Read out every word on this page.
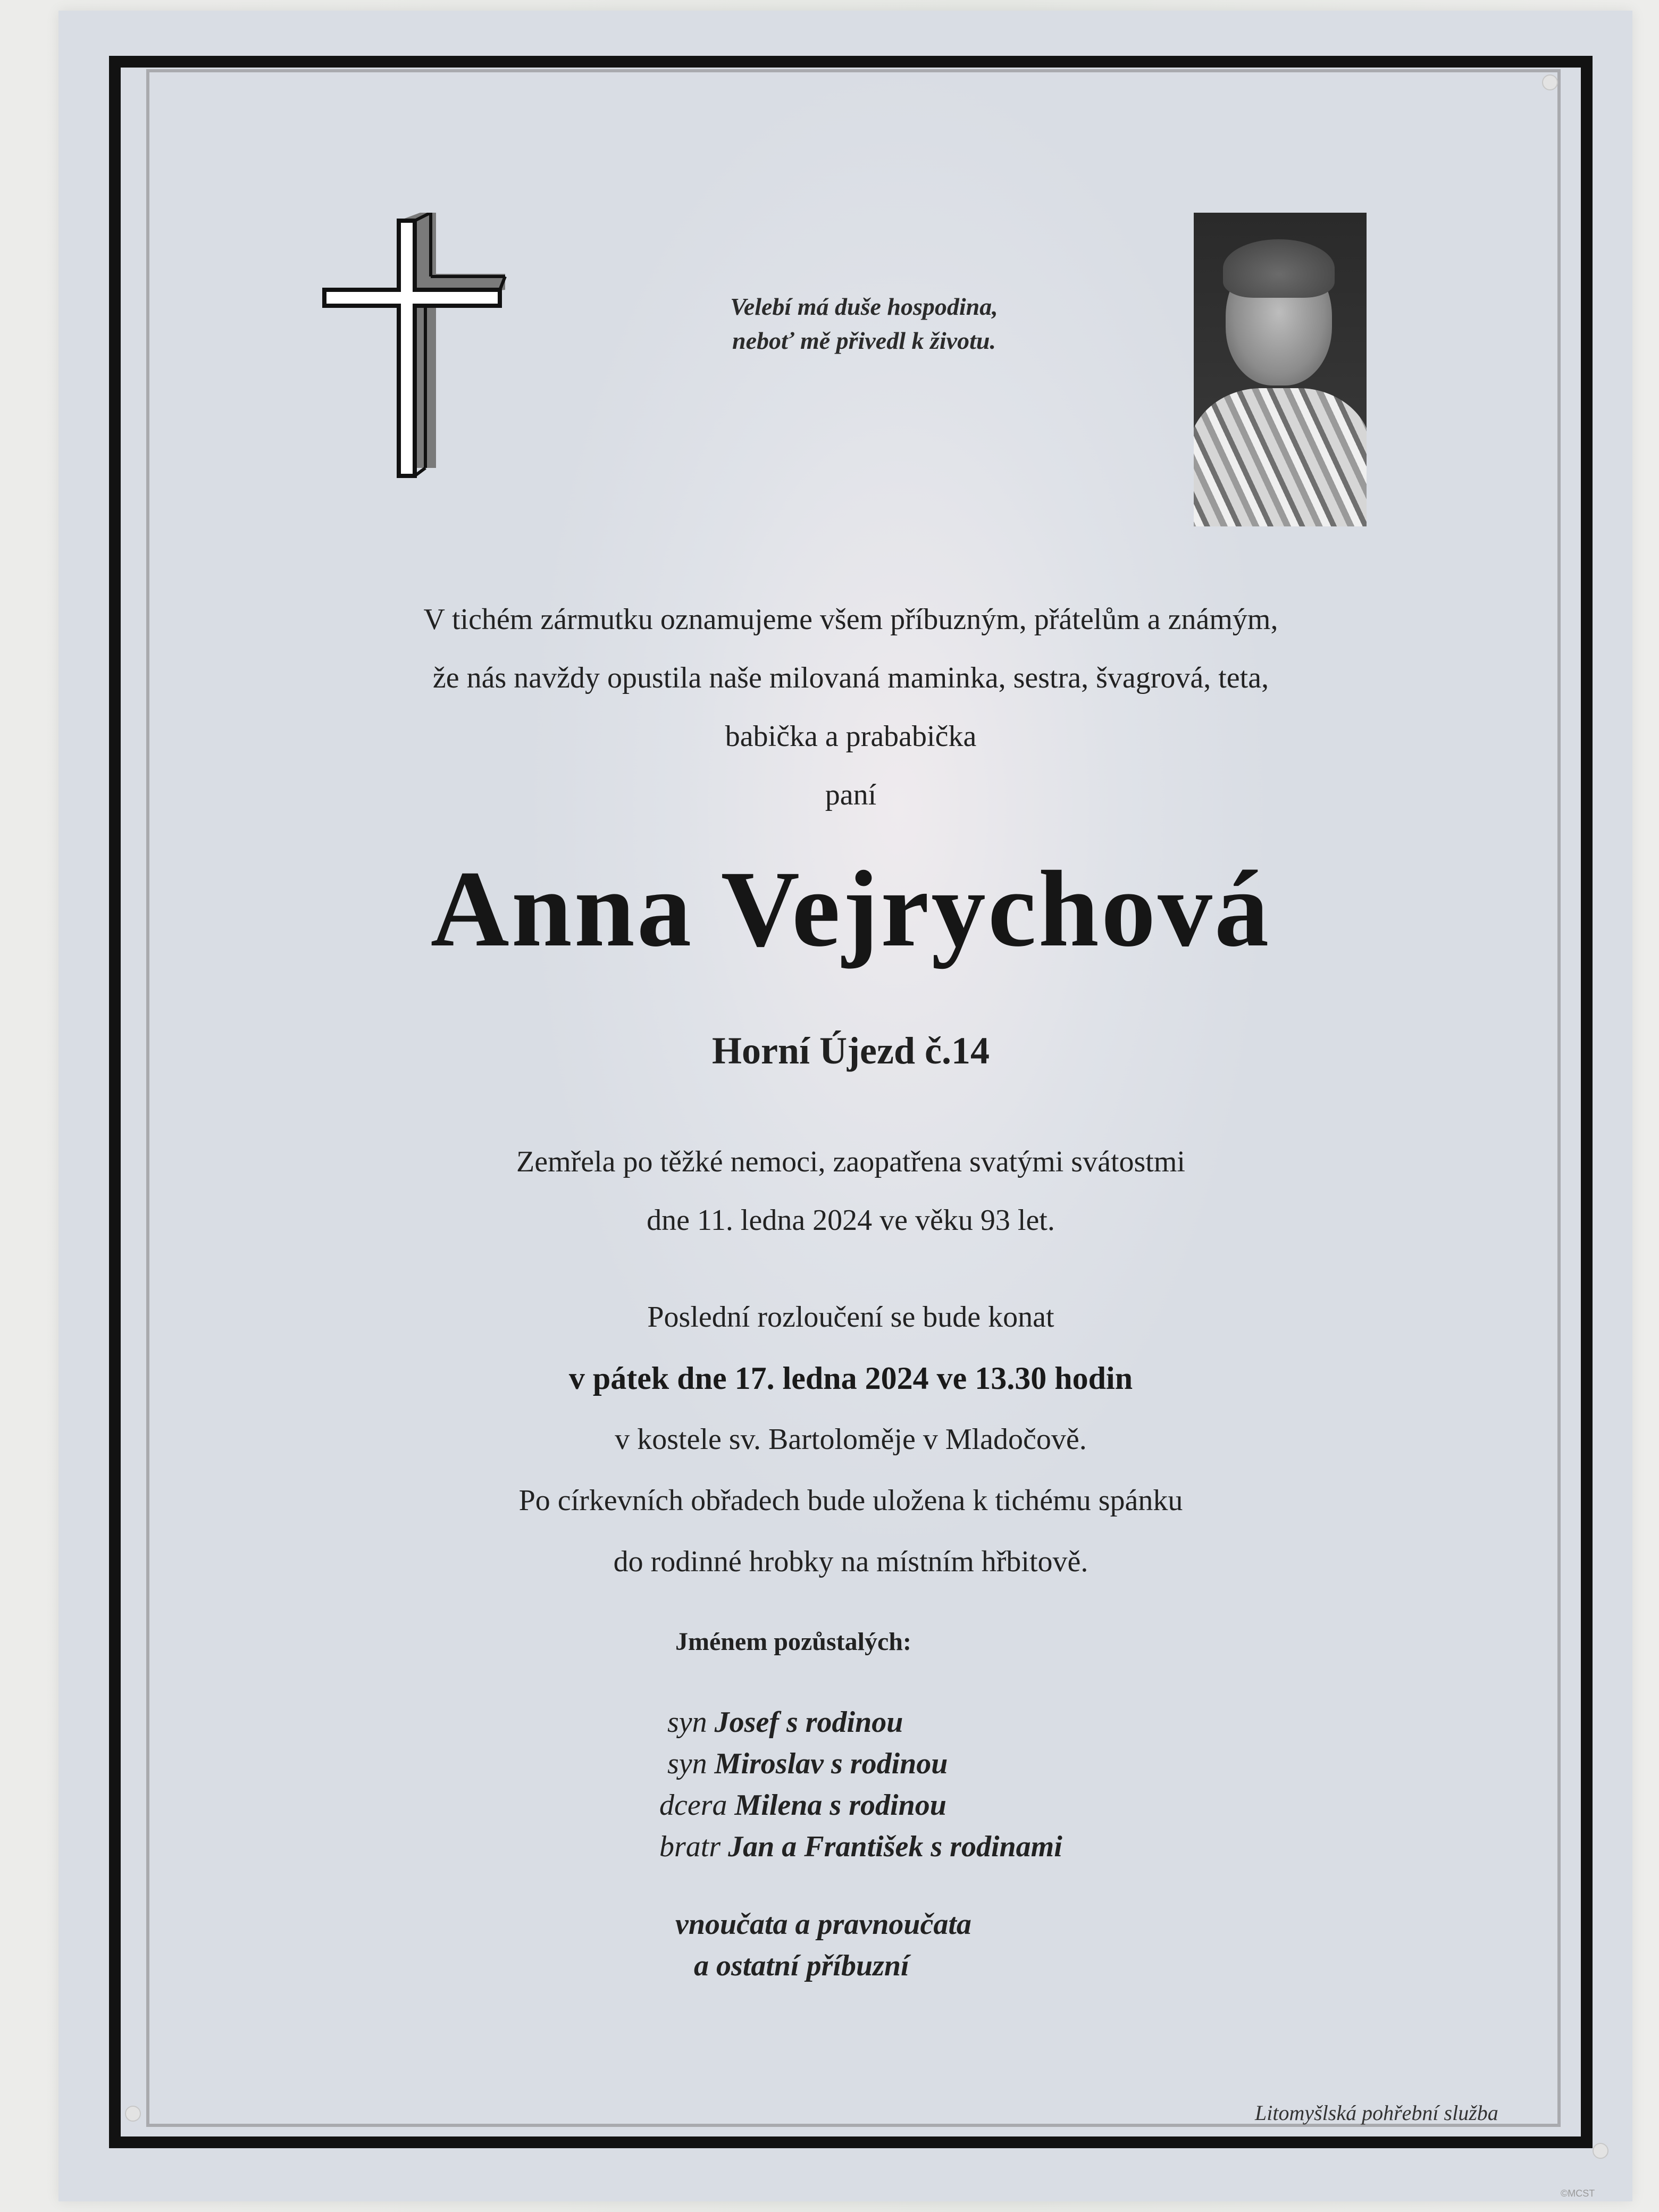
Velebí má duše hospodina,
neboť mě přivedl k životu.
V tichém zármutku oznamujeme všem příbuzným, přátelům a známým,
že nás navždy opustila naše milovaná maminka, sestra, švagrová, teta,
babička a prababička
paní
Anna Vejrychová
Horní Újezd č.14
Zemřela po těžké nemoci, zaopatřena svatými svátostmi
dne 11. ledna 2024 ve věku 93 let.
Poslední rozloučení se bude konat
v pátek dne 17. ledna 2024 ve 13.30 hodin
v kostele sv. Bartoloměje v Mladočově.
Po církevních obřadech bude uložena k tichému spánku
do rodinné hrobky na místním hřbitově.
Jménem pozůstalých:
syn Josef s rodinou
syn Miroslav s rodinou
dcera Milena s rodinou
bratr Jan a František s rodinami
vnoučata a pravnoučata
a ostatní příbuzní
Litomyšlská pohřební služba
©MCST
